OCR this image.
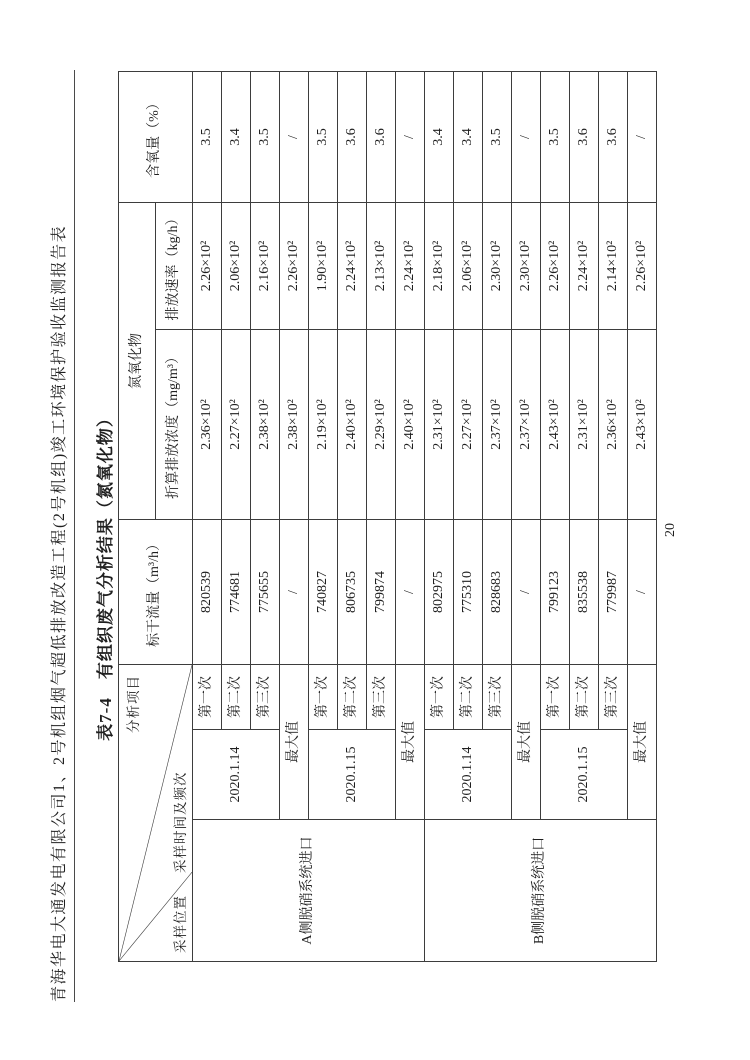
青海华电大通发电有限公司1、2号机组烟气超低排放改造工程(2号机组)竣工环境保护验收监测报告表 表7-4　有组织废气分析结果（氮氧化物） 分析项目
采样时间及频次
采样位置			标干流量（m³/h）	氮氧化物		含氧量（%）
				折算排放浓度（mg/m³）	排放速率（kg/h）	
A侧脱硝系统进口	2020.1.14	第一次	820539	2.36×10²	2.26×10²	3.5
		第二次	774681	2.27×10²	2.06×10²	3.4
		第三次	775655	2.38×10²	2.16×10²	3.5
	最大值		/	2.38×10²	2.26×10²	/
	2020.1.15	第一次	740827	2.19×10²	1.90×10²	3.5
		第二次	806735	2.40×10²	2.24×10²	3.6
		第三次	799874	2.29×10²	2.13×10²	3.6
	最大值		/	2.40×10²	2.24×10²	/
B侧脱硝系统进口	2020.1.14	第一次	802975	2.31×10²	2.18×10²	3.4
		第二次	775310	2.27×10²	2.06×10²	3.4
		第三次	828683	2.37×10²	2.30×10²	3.5
	最大值		/	2.37×10²	2.30×10²	/
	2020.1.15	第一次	799123	2.43×10²	2.26×10²	3.5
		第二次	835538	2.31×10²	2.24×10²	3.6
		第三次	779987	2.36×10²	2.14×10²	3.6
	最大值		/	2.43×10²	2.26×10²	/
20
